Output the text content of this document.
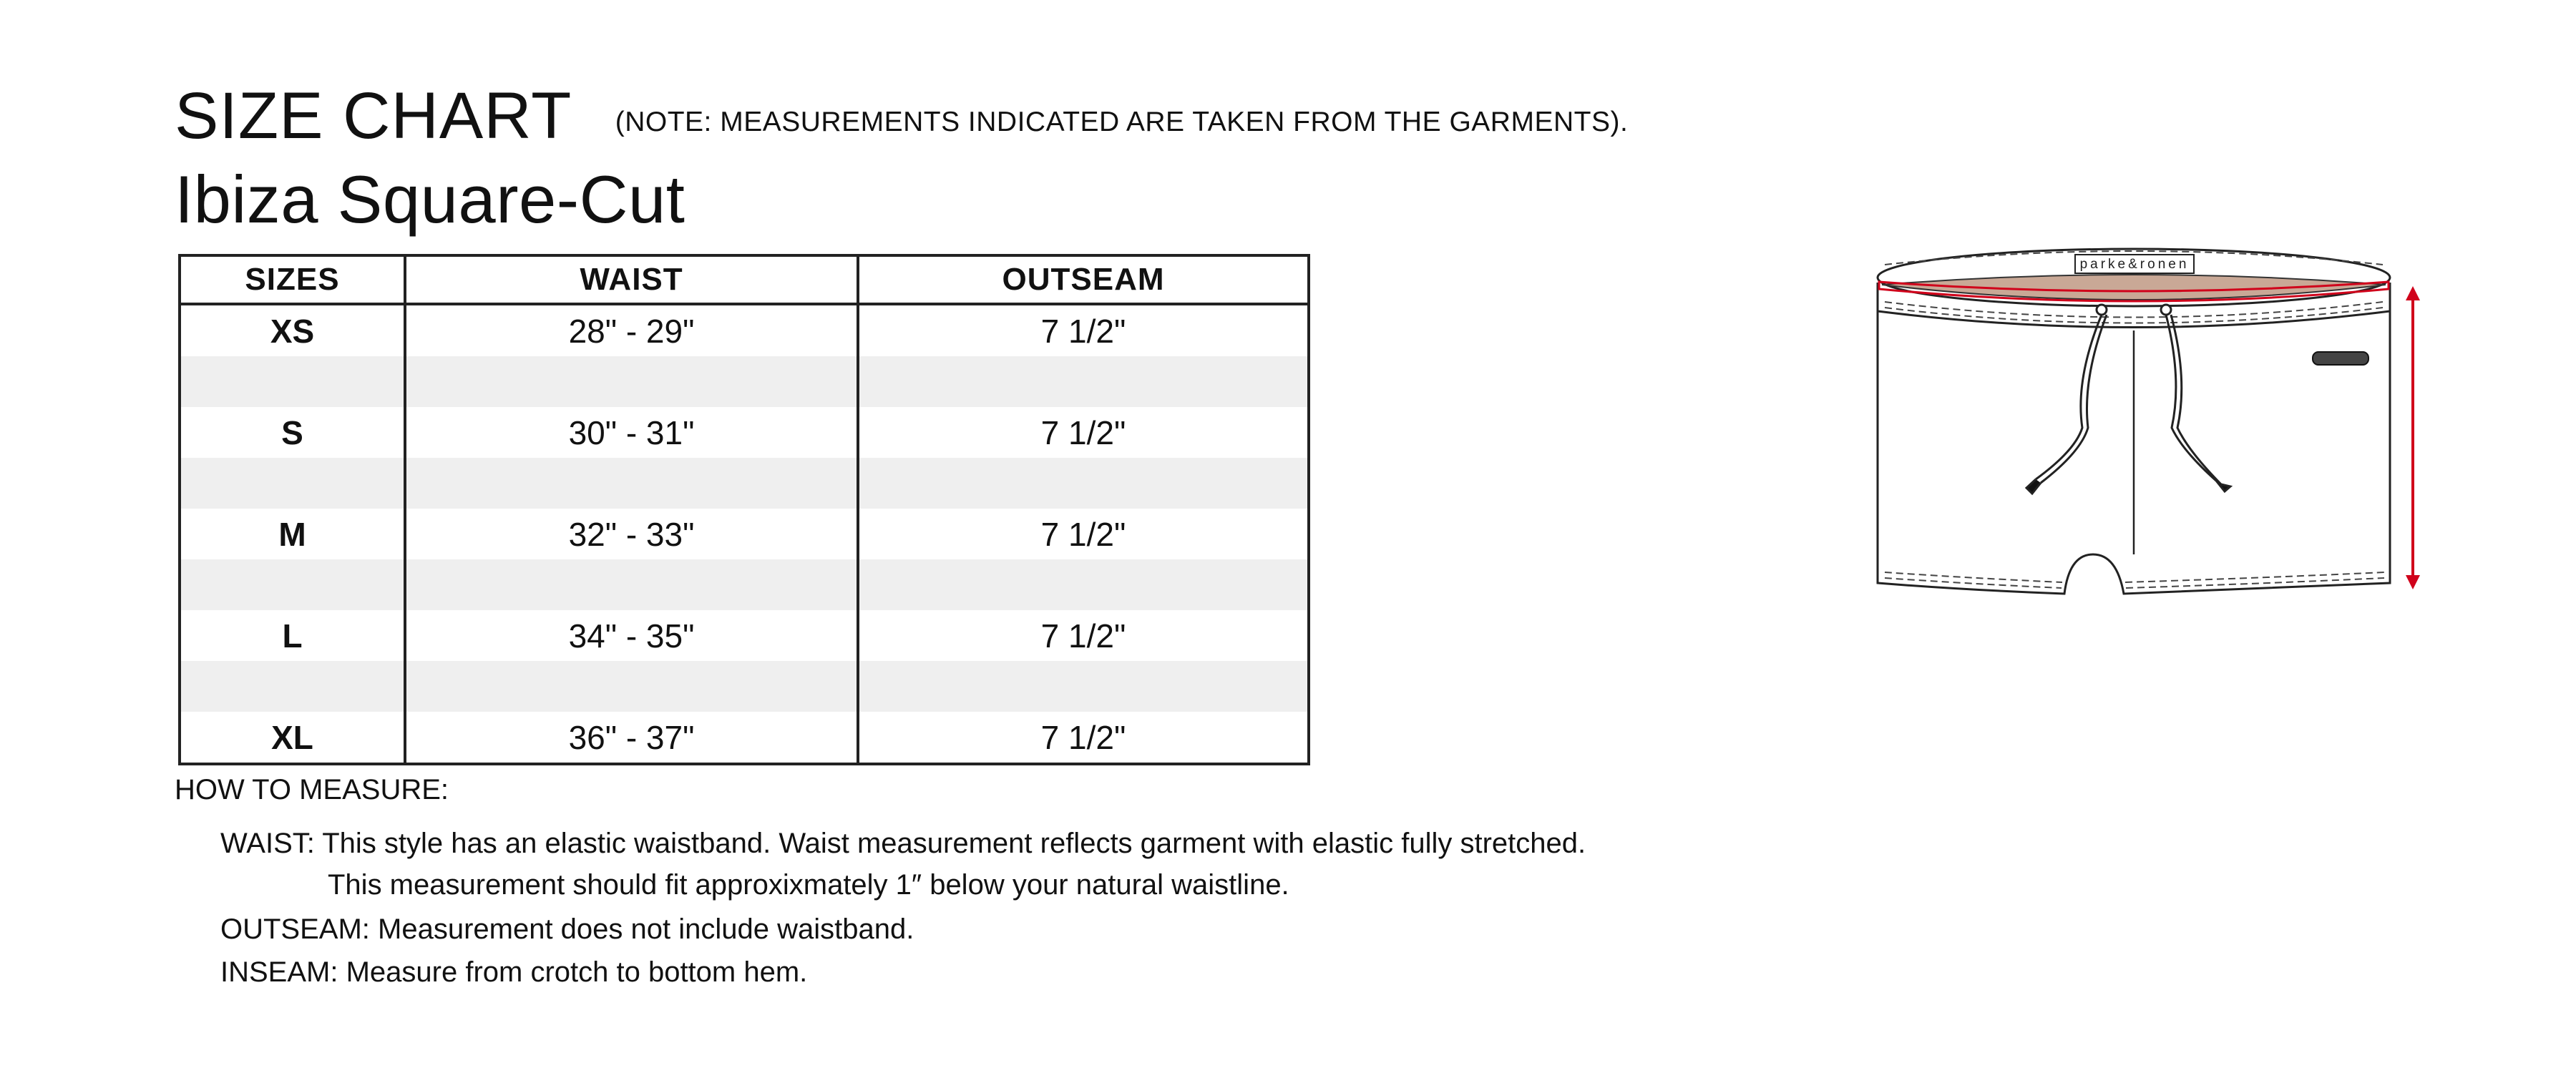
SIZE CHART (NOTE: MEASUREMENTS INDICATED ARE TAKEN FROM THE GARMENTS).
Ibiza Square-Cut
SIZES	WAIST	OUTSEAM
XS	28" - 29"	7 1/2"

S	30" - 31"	7 1/2"

M	32" - 33"	7 1/2"

L	34" - 35"	7 1/2"

XL	36" - 37"	7 1/2"
HOW TO MEASURE:
WAIST: This style has an elastic waistband. Waist measurement reflects garment with elastic fully stretched.
This measurement should fit approxixmately 1″ below your natural waistline.
OUTSEAM: Measurement does not include waistband.
INSEAM: Measure from crotch to bottom hem.
parke&ronen
